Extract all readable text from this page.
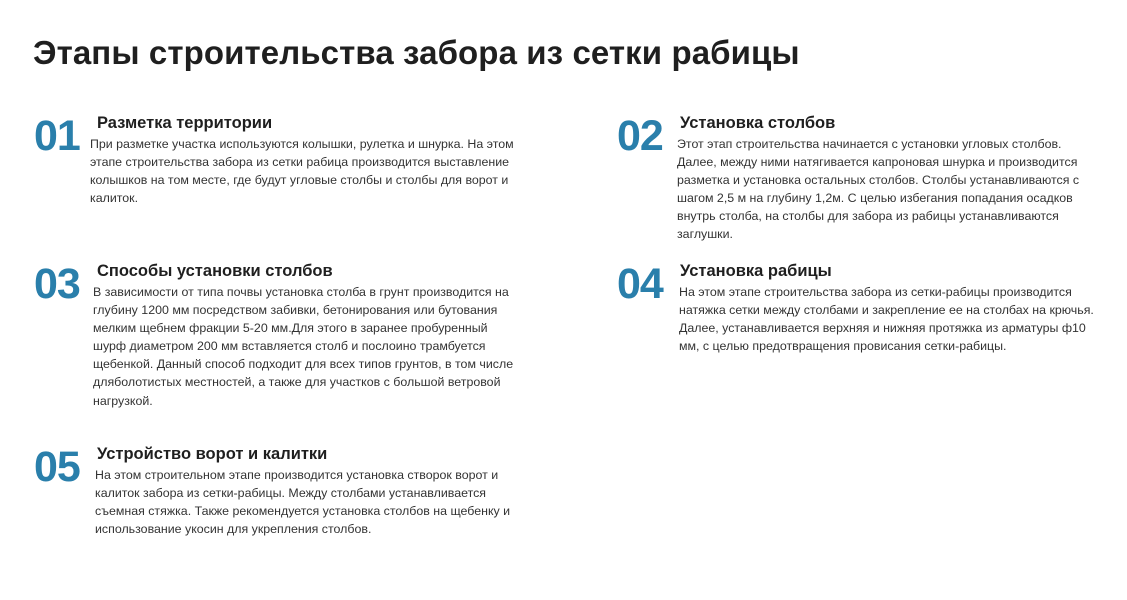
Этапы строительства забора из сетки рабицы
01 Разметка территории
При разметке участка используются колышки, рулетка и шнурка. На этом этапе строительства забора из сетки рабица производится выставление колышков на том месте, где будут угловые столбы и столбы для ворот и калиток.
02 Установка столбов
Этот этап строительства начинается с установки угловых столбов. Далее, между ними натягивается капроновая шнурка и производится разметка и установка остальных столбов. Столбы устанавливаются с шагом 2,5 м на глубину 1,2м. С целью избегания попадания осадков внутрь столба, на столбы для забора из рабицы устанавливаются заглушки.
03 Способы установки столбов
В зависимости от типа почвы установка столба в грунт производится на глубину 1200 мм посредством забивки, бетонирования или бутования мелким щебнем фракции 5-20 мм.Для этого в заранее пробуренный шурф диаметром 200 мм вставляется столб и послоино трамбуется щебенкой. Данный способ подходит для всех типов грунтов, в том числе дляболотистых местностей, а также для участков с большой ветровой нагрузкой.
04 Установка рабицы
На этом этапе строительства забора из сетки-рабицы производится натяжка сетки между столбами и закрепление ее на столбах на крючья. Далее, устанавливается верхняя и нижняя протяжка из арматуры ф10 мм, с целью предотвращения провисания сетки-рабицы.
05 Устройство ворот и калитки
На этом строительном этапе производится установка створок ворот и калиток забора из сетки-рабицы. Между столбами устанавливается съемная стяжка. Также рекомендуется установка столбов на щебенку и использование укосин для укрепления столбов.
